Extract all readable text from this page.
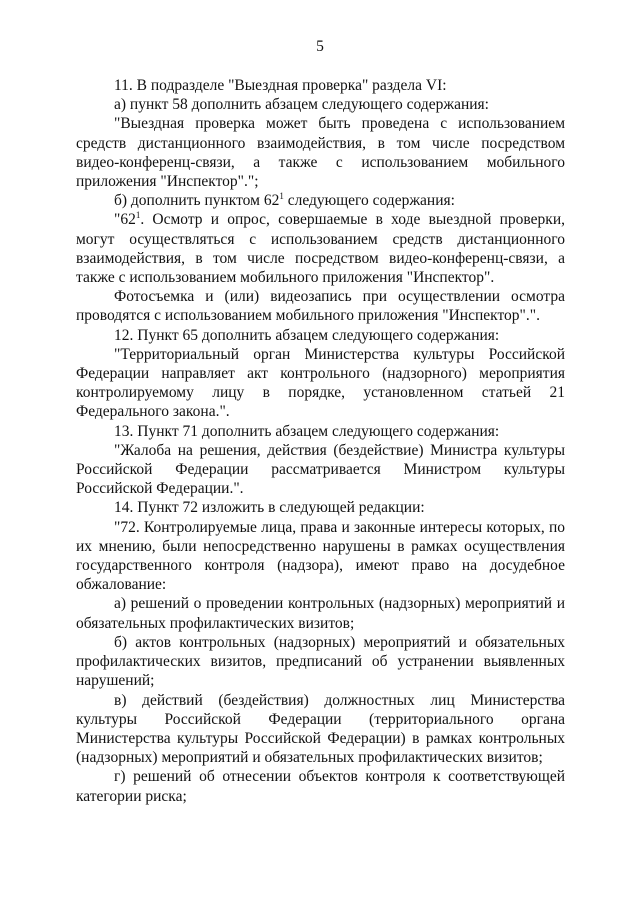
5

11. В подразделе "Выездная проверка" раздела VI:

а) пункт 58 дополнить абзацем следующего содержания:

"Выездная проверка может быть проведена с использованием средств дистанционного взаимодействия, в том числе посредством видео-конференц-связи, а также с использованием мобильного приложения "Инспектор".";

б) дополнить пунктом $62^1$ следующего содержания:

"$62^1$. Осмотр и опрос, совершаемые в ходе выездной проверки, могут осуществляться с использованием средств дистанционного взаимодействия, в том числе посредством видео-конференц-связи, а также с использованием мобильного приложения "Инспектор".

Фотосъемка и (или) видеозапись при осуществлении осмотра проводятся с использованием мобильного приложения "Инспектор".".

12. Пункт 65 дополнить абзацем следующего содержания:

"Территориальный орган Министерства культуры Российской Федерации направляет акт контрольного (надзорного) мероприятия контролируемому лицу в порядке, установленном статьей 21 Федерального закона.".

13. Пункт 71 дополнить абзацем следующего содержания:

"Жалоба на решения, действия (бездействие) Министра культуры Российской Федерации рассматривается Министром культуры Российской Федерации.".

14. Пункт 72 изложить в следующей редакции:

"72. Контролируемые лица, права и законные интересы которых, по их мнению, были непосредственно нарушены в рамках осуществления государственного контроля (надзора), имеют право на досудебное обжалование:

а) решений о проведении контрольных (надзорных) мероприятий и обязательных профилактических визитов;

б) актов контрольных (надзорных) мероприятий и обязательных профилактических визитов, предписаний об устранении выявленных нарушений;

в) действий (бездействия) должностных лиц Министерства культуры Российской Федерации (территориального органа Министерства культуры Российской Федерации) в рамках контрольных (надзорных) мероприятий и обязательных профилактических визитов;

г) решений об отнесении объектов контроля к соответствующей категории риска;
